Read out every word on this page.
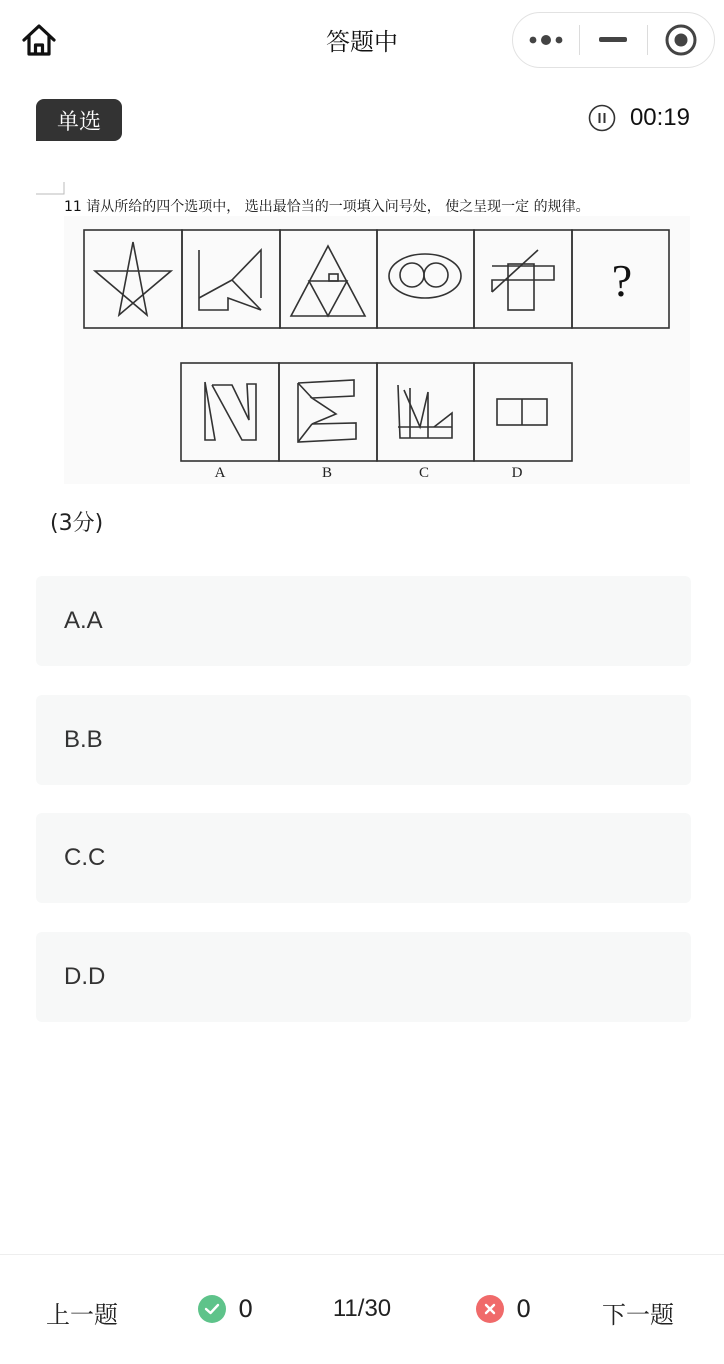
答题中
单选	00:19
?
A	B	C	D
11 请从所给的四个选项中， 选出最恰当的一项填入问号处， 使之呈现一定 的规律。
(3分)
A.A
B.B
C.C
D.D
11/30
上一题	0	0	下一题
